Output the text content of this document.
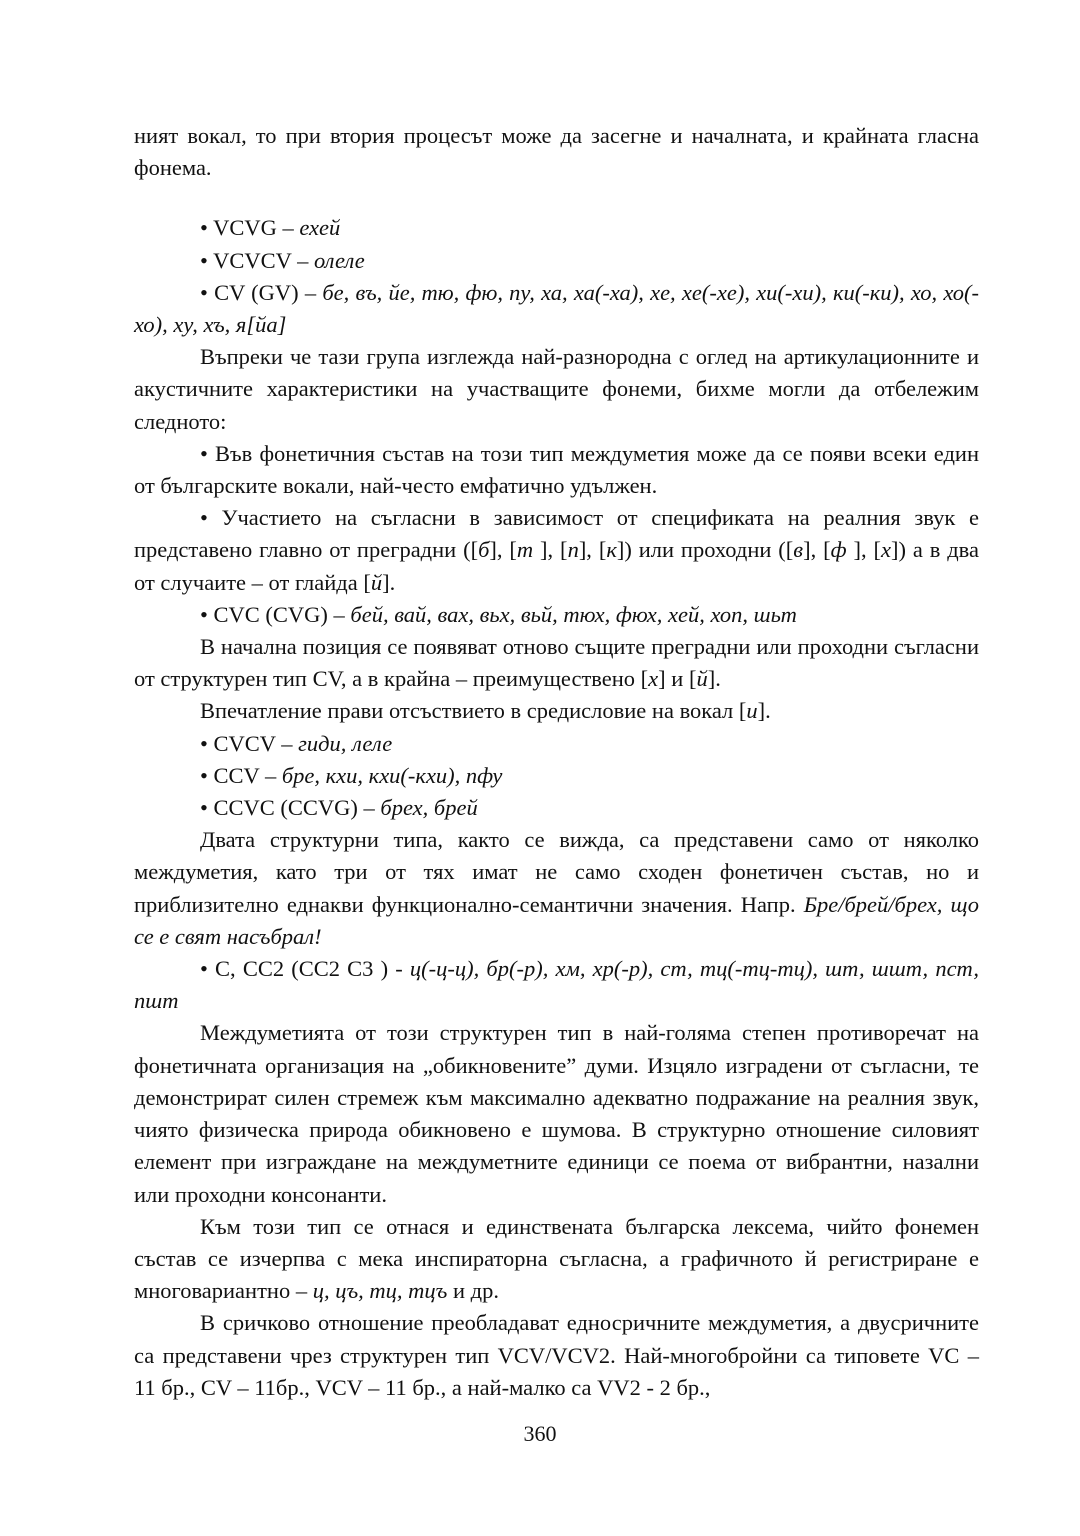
ният вокал, то при втория процесът може да засегне и началната, и крайната гласна фонема.

• VCVG – ехей

• VCVCV – олеле

• CV (GV) – бе, въ, йе, тю, фю, пу, ха, ха(-ха), хе, хе(-хе), хи(-хи), ки(-ки), хо, хо(-хо), ху, хъ, я[йа]

Въпреки че тази група изглежда най-разнородна с оглед на артикулационните и акустичните характеристики на участващите фонеми, бихме могли да отбележим следното:

• Във фонетичния състав на този тип междуметия може да се появи всеки един от българските вокали, най-често емфатично удължен.

• Участието на съгласни в зависимост от спецификата на реалния звук е представено главно от преградни ([б], [т ], [п], [к]) или проходни ([в], [ф ], [х]) а в два от случаите – от глайда [й].

• CVC (CVG) – бей, вай, вах, вьх, вьй, тюх, фюх, хей, хоп, шьт

В начална позиция се появяват отново същите преградни или проходни съгласни от структурен тип CV, а в крайна – преимуществено [х] и [й].

Впечатление прави отсъствието в средисловие на вокал [и].

• CVCV – гиди, леле

• CCV – бре, кхи, кхи(-кхи), пфу

• CCVC (CCVG) – брех, брей

Двата структурни типа, както се вижда, са представени само от няколко междуметия, като три от тях имат не само сходен фонетичен състав, но и приблизително еднакви функционално-семантични значения. Напр. Бре/брей/брех, що се е свят насъбрал!

• C, CC2 (CC2 C3 ) - ц(-ц-ц), бр(-р), хм, хр(-р), ст, тц(-тц-тц), шт, шшт, пст, пшт

Междуметията от този структурен тип в най-голяма степен противоречат на фонетичната организация на „обикновените” думи. Изцяло изградени от съгласни, те демонстрират силен стремеж към максимално адекватно подражание на реалния звук, чиято физическа природа обикновено е шумова. В структурно отношение силовият елемент при изграждане на междуметните единици се поема от вибрантни, назални или проходни консонанти.

Към този тип се отнася и единствената българска лексема, чийто фонемен състав се изчерпва с мека инспираторна съгласна, а графичното й регистриране е многовариантно – ц, цъ, тц, тцъ и др.

В сричково отношение преобладават едносричните междуметия, а двусричните са представени чрез структурен тип VCV/VCV2. Най-многобройни са типовете VC – 11 бр., CV – 11бр., VCV – 11 бр., а най-малко са VV2 - 2 бр.,

360
